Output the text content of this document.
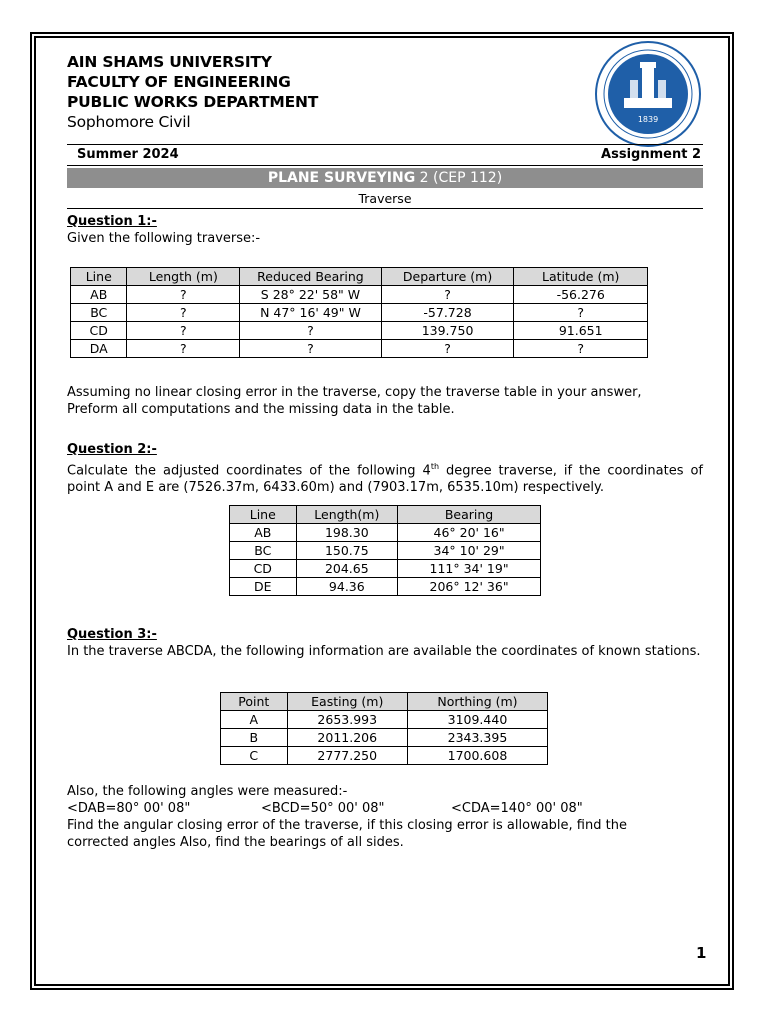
1839
AIN SHAMS UNIVERSITY
FACULTY OF ENGINEERING
PUBLIC WORKS DEPARTMENT
Sophomore Civil
Summer 2024	Assignment 2
PLANE SURVEYING 2 (CEP 112)
Traverse
Question 1:-
Given the following traverse:-
Line	Length (m)	Reduced Bearing	Departure (m)	Latitude (m)
AB	?	S 28° 22' 58" W	?	-56.276
BC	?	N 47° 16' 49" W	-57.728	?
CD	?	?	139.750	91.651
DA	?	?	?	?
Assuming no linear closing error in the traverse, copy the traverse table in your answer,
Preform all computations and the missing data in the table.
Question 2:-
Calculate the adjusted coordinates of the following 4th degree traverse, if the coordinates of point A and E are (7526.37m, 6433.60m) and (7903.17m, 6535.10m) respectively.
Line	Length(m)	Bearing
AB	198.30	46° 20' 16"
BC	150.75	34° 10' 29"
CD	204.65	111° 34' 19"
DE	94.36	206° 12' 36"
Question 3:-
In the traverse ABCDA, the following information are available the coordinates of known stations.
Point	Easting (m)	Northing (m)
A	2653.993	3109.440
B	2011.206	2343.395
C	2777.250	1700.608
Also, the following angles were measured:-
<DAB=80° 00' 08"	<BCD=50° 00' 08"	<CDA=140° 00' 08"
Find the angular closing error of the traverse, if this closing error is allowable, find the
corrected angles Also, find the bearings of all sides.
1
